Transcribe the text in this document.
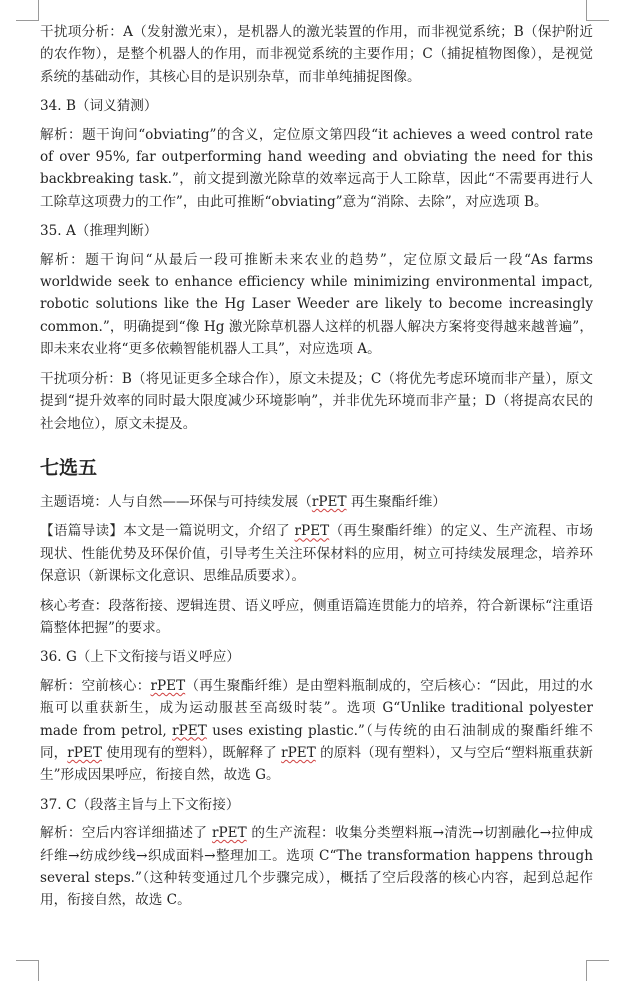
干扰项分析：A（发射激光束），是机器人的激光装置的作用，而非视觉系统；B（保护附近的农作物），是整个机器人的作用，而非视觉系统的主要作用；C（捕捉植物图像），是视觉系统的基础动作，其核心目的是识别杂草，而非单纯捕捉图像。

34. B（词义猜测）

解析：题干询问“obviating”的含义，定位原文第四段“it achieves a weed control rate of over 95%, far outperforming hand weeding and obviating the need for this backbreaking task.”，前文提到激光除草的效率远高于人工除草，因此“不需要再进行人工除草这项费力的工作”，由此可推断“obviating”意为“消除、去除”，对应选项 B。

35. A（推理判断）

解析：题干询问“从最后一段可推断未来农业的趋势”，定位原文最后一段“As farms worldwide seek to enhance efficiency while minimizing environmental impact, robotic solutions like the Hg Laser Weeder are likely to become increasingly common.”，明确提到“像 Hg 激光除草机器人这样的机器人解决方案将变得越来越普遍”，即未来农业将“更多依赖智能机器人工具”，对应选项 A。

干扰项分析：B（将见证更多全球合作），原文未提及；C（将优先考虑环境而非产量），原文提到“提升效率的同时最大限度减少环境影响”，并非优先环境而非产量；D（将提高农民的社会地位），原文未提及。

七选五

主题语境：人与自然——环保与可持续发展（rPET 再生聚酯纤维）

【语篇导读】本文是一篇说明文，介绍了 rPET（再生聚酯纤维）的定义、生产流程、市场现状、性能优势及环保价值，引导考生关注环保材料的应用，树立可持续发展理念，培养环保意识（新课标文化意识、思维品质要求）。

核心考查：段落衔接、逻辑连贯、语义呼应，侧重语篇连贯能力的培养，符合新课标“注重语篇整体把握”的要求。

36. G（上下文衔接与语义呼应）

解析：空前核心：rPET（再生聚酯纤维）是由塑料瓶制成的，空后核心：“因此，用过的水瓶可以重获新生，成为运动服甚至高级时装”。选项 G“Unlike traditional polyester made from petrol, rPET uses existing plastic.”（与传统的由石油制成的聚酯纤维不同，rPET 使用现有的塑料），既解释了 rPET 的原料（现有塑料），又与空后“塑料瓶重获新生”形成因果呼应，衔接自然，故选 G。

37. C（段落主旨与上下文衔接）

解析：空后内容详细描述了 rPET 的生产流程：收集分类塑料瓶→清洗→切割融化→拉伸成纤维→纺成纱线→织成面料→整理加工。选项 C“The transformation happens through several steps.”（这种转变通过几个步骤完成），概括了空后段落的核心内容，起到总起作用，衔接自然，故选 C。
